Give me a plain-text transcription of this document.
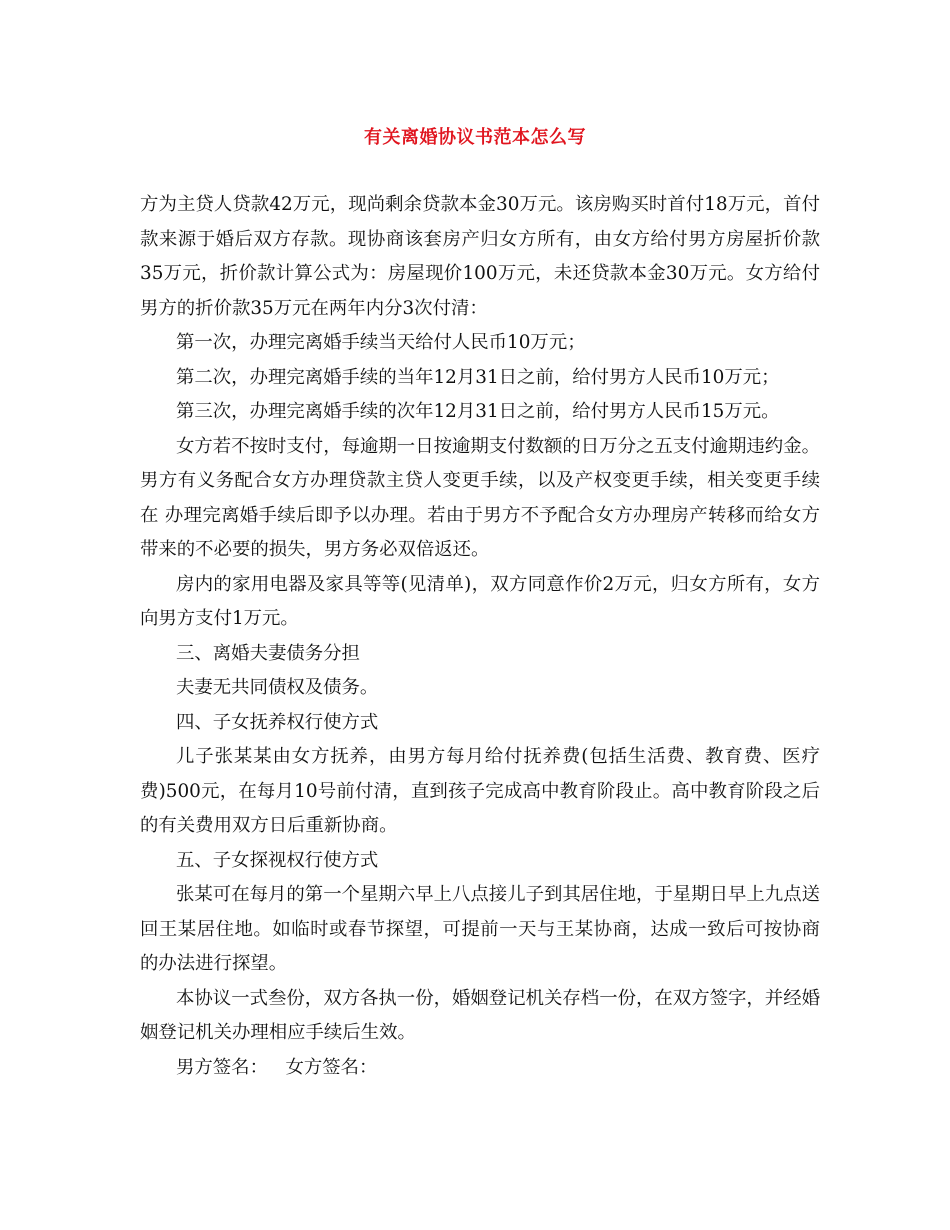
有关离婚协议书范本怎么写

方为主贷人贷款42万元，现尚剩余贷款本金30万元。该房购买时首付18万元，首付款来源于婚后双方存款。现协商该套房产归女方所有，由女方给付男方房屋折价款 35万元，折价款计算公式为：房屋现价100万元，未还贷款本金30万元。女方给付男方的折价款35万元在两年内分3次付清：

第一次，办理完离婚手续当天给付人民币10万元；

第二次，办理完离婚手续的当年12月31日之前，给付男方人民币10万元；

第三次，办理完离婚手续的次年12月31日之前，给付男方人民币15万元。

女方若不按时支付，每逾期一日按逾期支付数额的日万分之五支付逾期违约金。男方有义务配合女方办理贷款主贷人变更手续，以及产权变更手续，相关变更手续在 办理完离婚手续后即予以办理。若由于男方不予配合女方办理房产转移而给女方带来的不必要的损失，男方务必双倍返还。

房内的家用电器及家具等等(见清单)，双方同意作价2万元，归女方所有，女方向男方支付1万元。

三、离婚夫妻债务分担

夫妻无共同债权及债务。

四、子女抚养权行使方式

儿子张某某由女方抚养，由男方每月给付抚养费(包括生活费、教育费、医疗费)500元，在每月10号前付清，直到孩子完成高中教育阶段止。高中教育阶段之后的有关费用双方日后重新协商。

五、子女探视权行使方式

张某可在每月的第一个星期六早上八点接儿子到其居住地，于星期日早上九点送回王某居住地。如临时或春节探望，可提前一天与王某协商，达成一致后可按协商的办法进行探望。

本协议一式叁份，双方各执一份，婚姻登记机关存档一份，在双方签字，并经婚姻登记机关办理相应手续后生效。

男方签名：   女方签名：
